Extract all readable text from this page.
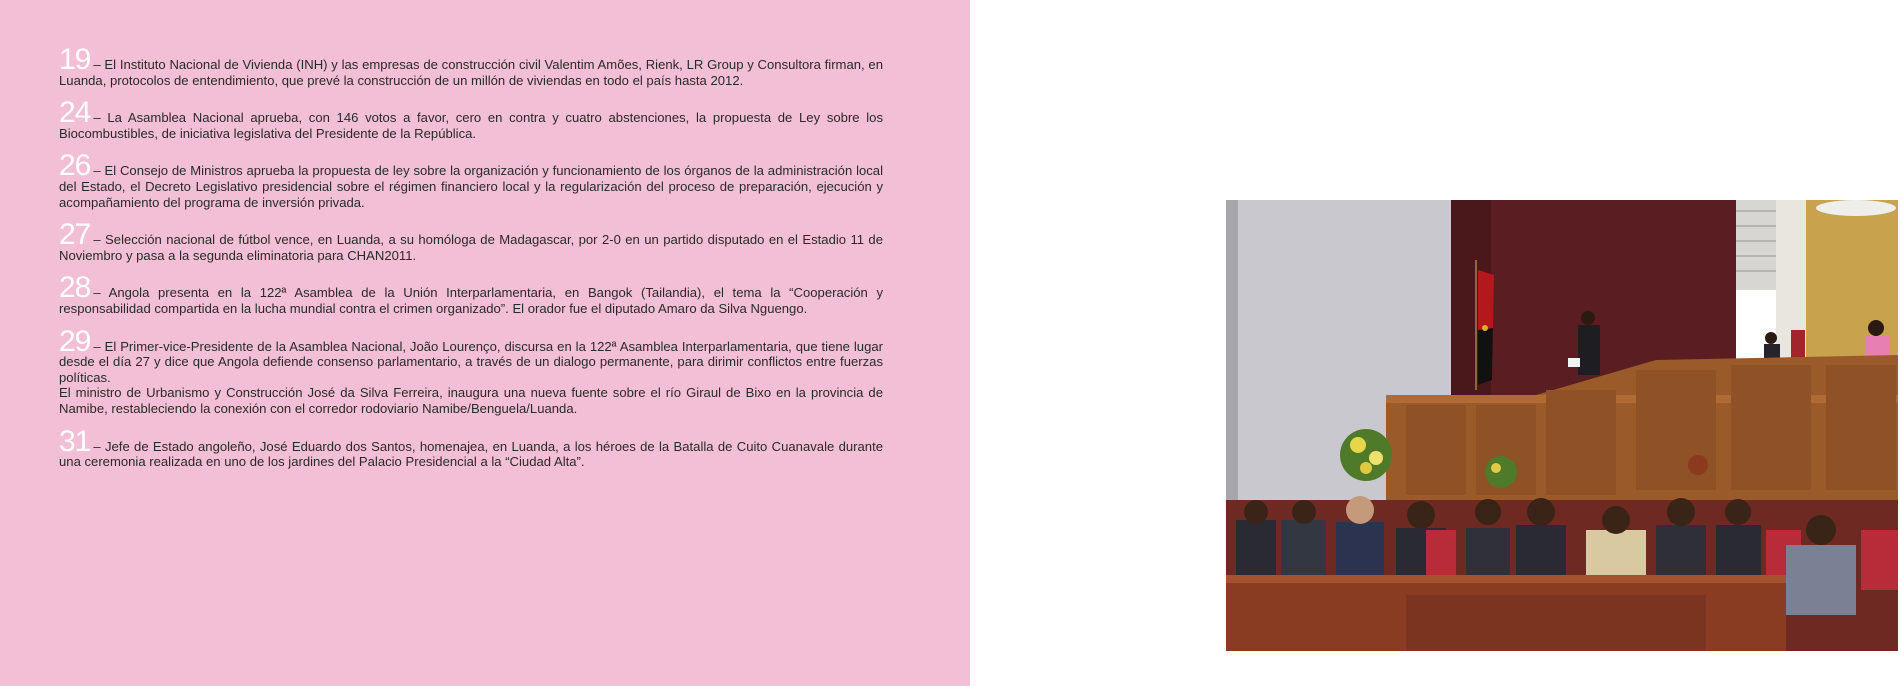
19 – El Instituto Nacional de Vivienda (INH) y las empresas de construcción civil Valentim Amões, Rienk, LR Group y Consultora firman, en Luanda, protocolos de entendimiento, que prevé la construcción de un millón de viviendas en todo el país hasta 2012.

24 – La Asamblea Nacional aprueba, con 146 votos a favor, cero en contra y cuatro abstenciones, la propuesta de Ley sobre los Biocombustibles, de iniciativa legislativa del Presidente de la República.

26 – El Consejo de Ministros aprueba la propuesta de ley sobre la organización y funcionamiento de los órganos de la administración local del Estado, el Decreto Legislativo presidencial sobre el régimen financiero local y la regularización del proceso de preparación, ejecución y acompañamiento del programa de inversión privada.

27 – Selección nacional de fútbol vence, en Luanda, a su homóloga de Madagascar, por 2-0 en un partido disputado en el Estadio 11 de Noviembro y pasa a la segunda eliminatoria para CHAN2011.

28 – Angola presenta en la 122ª Asamblea de la Unión Interparlamentaria, en Bangok (Tailandia), el tema la “Cooperación y responsabilidad compartida en la lucha mundial contra el crimen organizado”. El orador fue el diputado Amaro da Silva Nguengo.

29 – El Primer-vice-Presidente de la Asamblea Nacional, João Lourenço, discursa en la 122ª Asamblea Interparlamentaria, que tiene lugar desde el día 27 y dice que Angola defiende consenso parlamentario, a través de un dialogo permanente, para dirimir conflictos entre fuerzas políticas.

El ministro de Urbanismo y Construcción José da Silva Ferreira, inaugura una nueva fuente sobre el río Giraul de Bixo en la provincia de Namibe, restableciendo la conexión con el corredor rodoviario Namibe/Benguela/Luanda.

31 – Jefe de Estado angoleño, José Eduardo dos Santos, homenajea, en Luanda, a los héroes de la Batalla de Cuito Cuanavale durante una ceremonia realizada en uno de los jardines del Palacio Presidencial a la “Ciudad Alta”.
